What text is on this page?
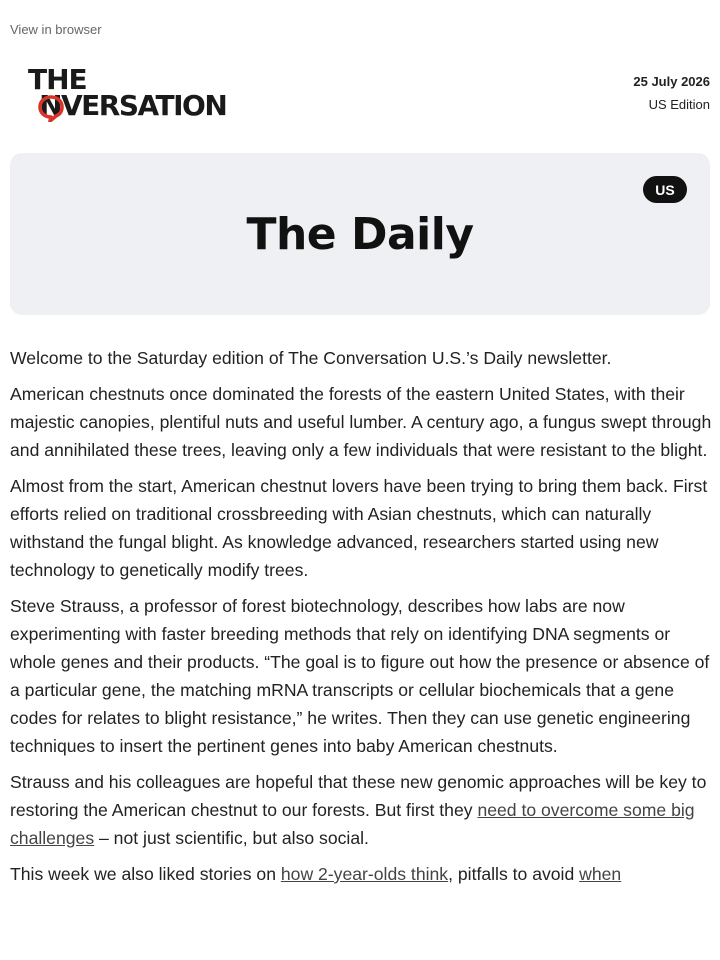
View in browser
THE
NVERSATION
25 July 2026
US Edition
US
The Daily

Welcome to the Saturday edition of The Conversation U.S.’s Daily newsletter.

American chestnuts once dominated the forests of the eastern United States, with their majestic canopies, plentiful nuts and useful lumber. A century ago, a fungus swept through and annihilated these trees, leaving only a few individuals that were resistant to the blight.

Almost from the start, American chestnut lovers have been trying to bring them back. First efforts relied on traditional crossbreeding with Asian chestnuts, which can naturally withstand the fungal blight. As knowledge advanced, researchers started using new technology to genetically modify trees.

Steve Strauss, a professor of forest biotechnology, describes how labs are now experimenting with faster breeding methods that rely on identifying DNA segments or whole genes and their products. “The goal is to figure out how the presence or absence of a particular gene, the matching mRNA transcripts or cellular biochemicals that a gene codes for relates to blight resistance,” he writes. Then they can use genetic engineering techniques to insert the pertinent genes into baby American chestnuts.

Strauss and his colleagues are hopeful that these new genomic approaches will be key to restoring the American chestnut to our forests. But first they need to overcome some big challenges – not just scientific, but also social.

This week we also liked stories on how 2-year-olds think, pitfalls to avoid when
